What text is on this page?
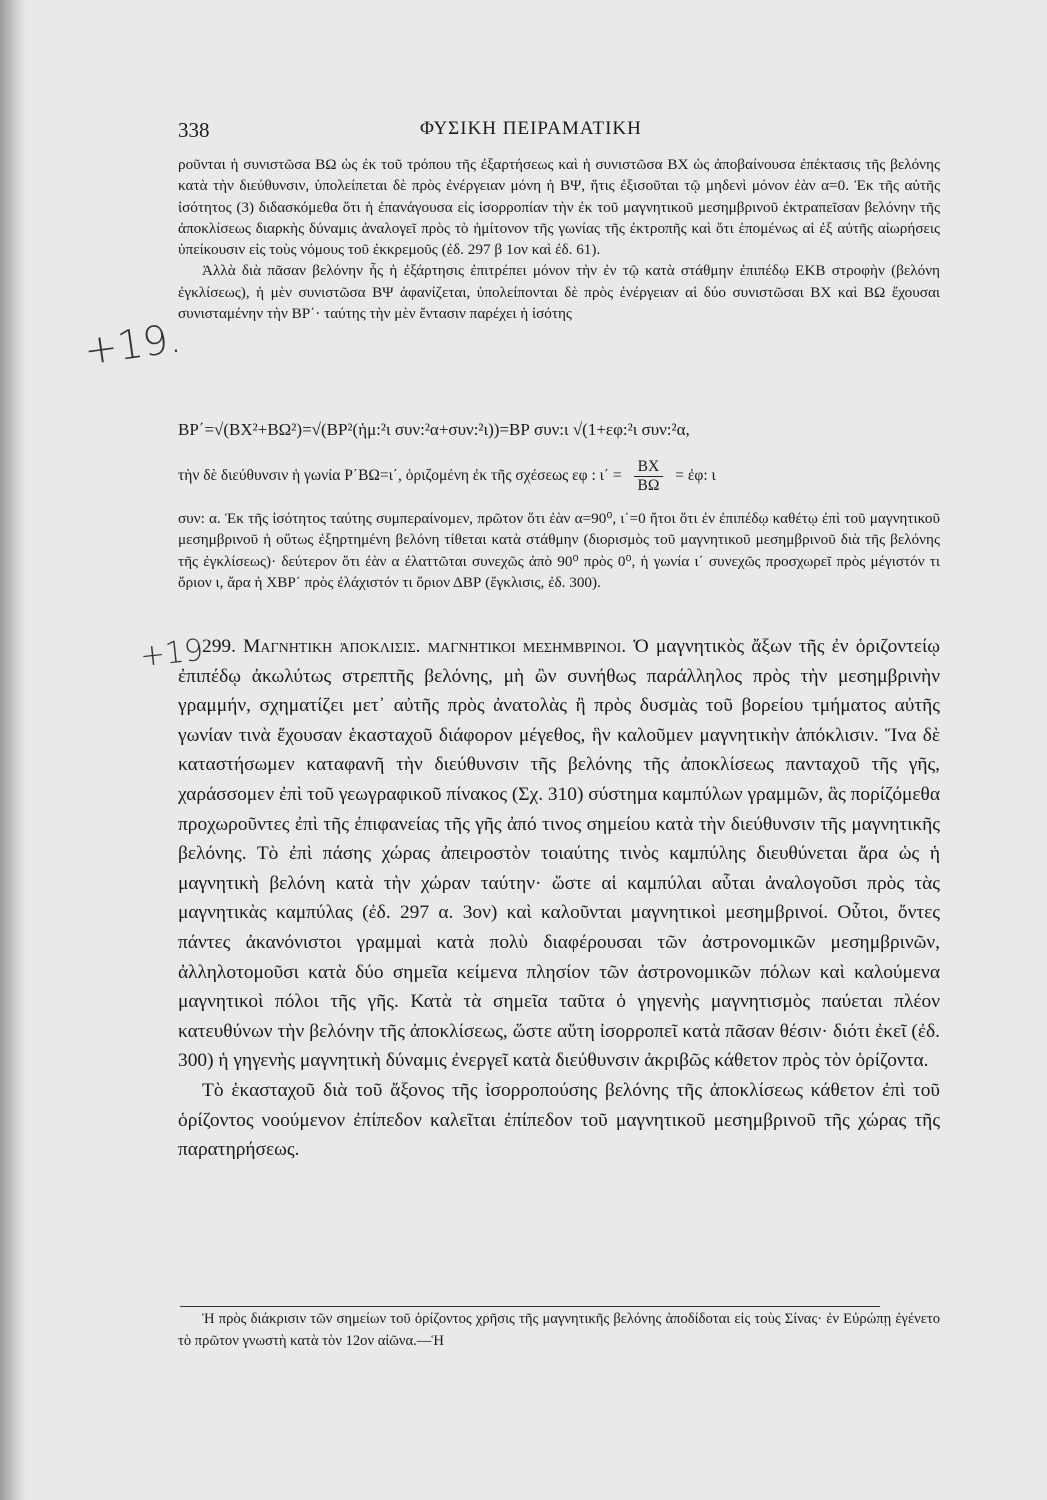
338	ΦΥΣΙΚΗ ΠΕΙΡΑΜΑΤΙΚΗ
+19.
+19

ροῦνται ἡ συνιστῶσα ΒΩ ὡς ἐκ τοῦ τρόπου τῆς ἐξαρτήσεως καὶ ἡ συνιστῶσα ΒΧ ὡς ἀποβαίνουσα ἐπέκτασις τῆς βελόνης κατὰ τὴν διεύθυνσιν, ὑπολείπεται δὲ πρὸς ἐνέργειαν μόνη ἡ ΒΨ, ἥτις ἐξισοῦται τῷ μηδενὶ μόνον ἐὰν α=0. Ἐκ τῆς αὐτῆς ἰσότητος (3) διδασκόμεθα ὅτι ἡ ἐπανάγουσα εἰς ἰσορροπίαν τὴν ἐκ τοῦ μαγνητικοῦ μεσημβρινοῦ ἐκτραπεῖσαν βελόνην τῆς ἀποκλίσεως διαρκὴς δύναμις ἀναλογεῖ πρὸς τὸ ἡμίτονον τῆς γωνίας τῆς ἐκτροπῆς καὶ ὅτι ἑπομένως αἱ ἐξ αὐτῆς αἰωρήσεις ὑπείκουσιν εἰς τοὺς νόμους τοῦ ἐκκρεμοῦς (ἐδ. 297 β 1ον καὶ ἐδ. 61).

Ἀλλὰ διὰ πᾶσαν βελόνην ἧς ἡ ἐξάρτησις ἐπιτρέπει μόνον τὴν ἐν τῷ κατὰ στάθμην ἐπιπέδῳ ΕΚΒ στροφὴν (βελόνη ἐγκλίσεως), ἡ μὲν συνιστῶσα ΒΨ ἀφανίζεται, ὑπολείπονται δὲ πρὸς ἐνέργειαν αἱ δύο συνιστῶσαι ΒΧ καὶ ΒΩ ἔχουσαι συνισταμένην τὴν ΒΡ΄· ταύτης τὴν μὲν ἔντασιν παρέχει ἡ ἰσότης

ΒΡ΄=√(ΒΧ²+ΒΩ²)=√(ΒΡ²(ἡμ:²ι συν:²α+συν:²ι))=ΒΡ συν:ι √(1+εφ:²ι συν:²α,
τὴν δὲ διεύθυνσιν ἡ γωνία Ρ΄ΒΩ=ι΄, ὁριζομένη ἐκ τῆς σχέσεως εφ : $\iota΄ = \frac{BX}{B\Omega}$ = ἐφ: ι

συν: α. Ἐκ τῆς ἰσότητος ταύτης συμπεραίνομεν, πρῶτον ὅτι ἐὰν α=90⁰, ι΄=0 ἤτοι ὅτι ἐν ἐπιπέδῳ καθέτῳ ἐπὶ τοῦ μαγνητικοῦ μεσημβρινοῦ ἡ οὕτως ἐξηρτημένη βελόνη τίθεται κατὰ στάθμην (διορισμὸς τοῦ μαγνητικοῦ μεσημβρινοῦ διὰ τῆς βελόνης τῆς ἐγκλίσεως)· δεύτερον ὅτι ἐὰν α ἐλαττῶται συνεχῶς ἀπὸ 90⁰ πρὸς 0⁰, ἡ γωνία ι΄ συνεχῶς προσχωρεῖ πρὸς μέγιστόν τι ὅριον ι, ἄρα ἡ ΧΒΡ΄ πρὸς ἐλάχιστόν τι ὅριον ΔΒΡ (ἔγκλισις, ἐδ. 300).

299. Μαγνητικη ἀποκλισις. μαγνητικοι μεσημβρινοι. Ὁ μαγνητικὸς ἄξων τῆς ἐν ὁριζοντείῳ ἐπιπέδῳ ἀκωλύτως στρεπτῆς βελόνης, μὴ ὢν συνήθως παράλληλος πρὸς τὴν μεσημβρινὴν γραμμήν, σχηματίζει μετ᾽ αὐτῆς πρὸς ἀνατολὰς ἢ πρὸς δυσμὰς τοῦ βορείου τμήματος αὐτῆς γωνίαν τινὰ ἔχουσαν ἑκασταχοῦ διάφορον μέγεθος, ἣν καλοῦμεν μαγνητικὴν ἀπόκλισιν. Ἵνα δὲ καταστήσωμεν καταφανῆ τὴν διεύθυνσιν τῆς βελόνης τῆς ἀποκλίσεως πανταχοῦ τῆς γῆς, χαράσσομεν ἐπὶ τοῦ γεωγραφικοῦ πίνακος (Σχ. 310) σύστημα καμπύλων γραμμῶν, ἃς πορίζόμεθα προχωροῦντες ἐπὶ τῆς ἐπιφανείας τῆς γῆς ἀπό τινος σημείου κατὰ τὴν διεύθυνσιν τῆς μαγνητικῆς βελόνης. Τὸ ἐπὶ πάσης χώρας ἀπειροστὸν τοιαύτης τινὸς καμπύλης διευθύνεται ἄρα ὡς ἡ μαγνητικὴ βελόνη κατὰ τὴν χώραν ταύτην· ὥστε αἱ καμπύλαι αὗται ἀναλογοῦσι πρὸς τὰς μαγνητικὰς καμπύλας (ἐδ. 297 α. 3ον) καὶ καλοῦνται μαγνητικοὶ μεσημβρινοί. Οὗτοι, ὄντες πάντες ἀκανόνιστοι γραμμαὶ κατὰ πολὺ διαφέρουσαι τῶν ἀστρονομικῶν μεσημβρινῶν, ἀλληλοτομοῦσι κατὰ δύο σημεῖα κείμενα πλησίον τῶν ἀστρονομικῶν πόλων καὶ καλούμενα μαγνητικοὶ πόλοι τῆς γῆς. Κατὰ τὰ σημεῖα ταῦτα ὁ γηγενὴς μαγνητισμὸς παύεται πλέον κατευθύνων τὴν βελόνην τῆς ἀποκλίσεως, ὥστε αὕτη ἰσορροπεῖ κατὰ πᾶσαν θέσιν· διότι ἐκεῖ (ἐδ. 300) ἡ γηγενὴς μαγνητικὴ δύναμις ἐνεργεῖ κατὰ διεύθυνσιν ἀκριβῶς κάθετον πρὸς τὸν ὁρίζοντα.

Τὸ ἑκασταχοῦ διὰ τοῦ ἄξονος τῆς ἰσορροπούσης βελόνης τῆς ἀποκλίσεως κάθετον ἐπὶ τοῦ ὁρίζοντος νοούμενον ἐπίπεδον καλεῖται ἐπίπεδον τοῦ μαγνητικοῦ μεσημβρινοῦ τῆς χώρας τῆς παρατηρήσεως.

Ἡ πρὸς διάκρισιν τῶν σημείων τοῦ ὁρίζοντος χρῆσις τῆς μαγνητικῆς βελόνης ἀποδίδοται εἰς τοὺς Σίνας· ἐν Εὐρώπῃ ἐγένετο τὸ πρῶτον γνωστὴ κατὰ τὸν 12ον αἰῶνα.—Ἡ
